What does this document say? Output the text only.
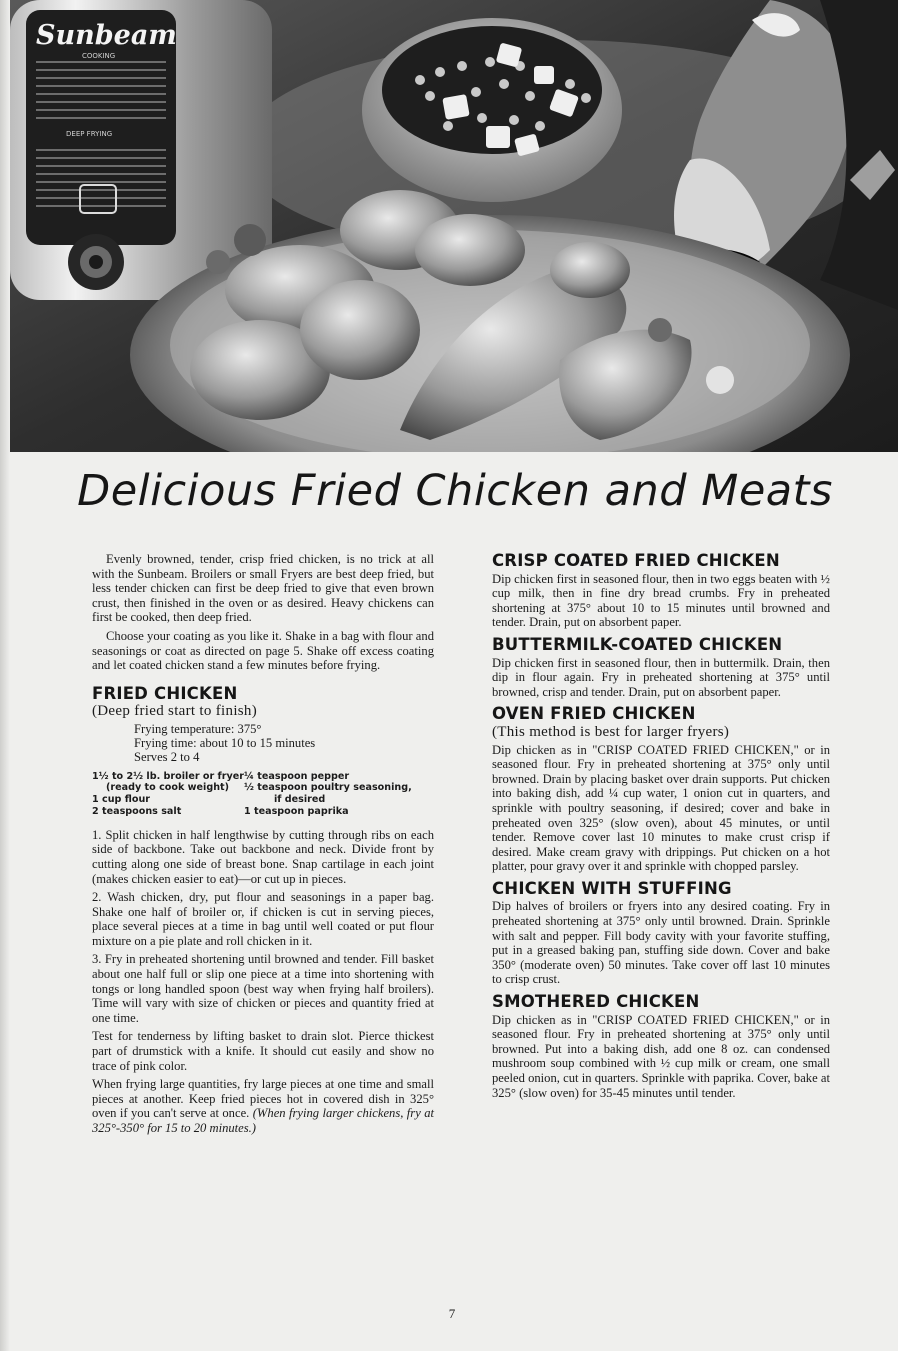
Sunbeam
COOKING
DEEP FRYING
Delicious Fried Chicken and Meats

Evenly browned, tender, crisp fried chicken, is no trick at all with the Sunbeam. Broilers or small Fryers are best deep fried, but less tender chicken can first be deep fried to give that even brown crust, then finished in the oven or as desired. Heavy chickens can first be cooked, then deep fried.

Choose your coating as you like it. Shake in a bag with flour and seasonings or coat as directed on page 5. Shake off excess coating and let coated chicken stand a few minutes before frying.

FRIED CHICKEN
(Deep fried start to finish)
Frying temperature: 375°
Frying time: about 10 to 15 minutes
Serves 2 to 4
1½ to 2½ lb. broiler or fryer ¼ teaspoon pepper
(ready to cook weight)	½ teaspoon poultry seasoning,
1 cup flour	if desired
2 teaspoons salt	1 teaspoon paprika

1. Split chicken in half lengthwise by cutting through ribs on each side of backbone. Take out backbone and neck. Divide front by cutting along one side of breast bone. Snap cartilage in each joint (makes chicken easier to eat)—or cut up in pieces.

2. Wash chicken, dry, put flour and seasonings in a paper bag. Shake one half of broiler or, if chicken is cut in serving pieces, place several pieces at a time in bag until well coated or put flour mixture on a pie plate and roll chicken in it.

3. Fry in preheated shortening until browned and tender. Fill basket about one half full or slip one piece at a time into shortening with tongs or long handled spoon (best way when frying half broilers). Time will vary with size of chicken or pieces and quantity fried at one time.

Test for tenderness by lifting basket to drain slot. Pierce thickest part of drumstick with a knife. It should cut easily and show no trace of pink color.

When frying large quantities, fry large pieces at one time and small pieces at another. Keep fried pieces hot in covered dish in 325° oven if you can't serve at once. (When frying larger chickens, fry at 325°-350° for 15 to 20 minutes.)

CRISP COATED FRIED CHICKEN

Dip chicken first in seasoned flour, then in two eggs beaten with ½ cup milk, then in fine dry bread crumbs. Fry in preheated shortening at 375° about 10 to 15 minutes until browned and tender. Drain, put on absorbent paper.

BUTTERMILK-COATED CHICKEN

Dip chicken first in seasoned flour, then in buttermilk. Drain, then dip in flour again. Fry in preheated shortening at 375° until browned, crisp and tender. Drain, put on absorbent paper.

OVEN FRIED CHICKEN
(This method is best for larger fryers)

Dip chicken as in "CRISP COATED FRIED CHICKEN," or in seasoned flour. Fry in preheated shortening at 375° only until browned. Drain by placing basket over drain supports. Put chicken into baking dish, add ¼ cup water, 1 onion cut in quarters, and sprinkle with poultry seasoning, if desired; cover and bake in preheated oven 325° (slow oven), about 45 minutes, or until tender. Remove cover last 10 minutes to make crust crisp if desired. Make cream gravy with drippings. Put chicken on a hot platter, pour gravy over it and sprinkle with chopped parsley.

CHICKEN WITH STUFFING

Dip halves of broilers or fryers into any desired coating. Fry in preheated shortening at 375° only until browned. Drain. Sprinkle with salt and pepper. Fill body cavity with your favorite stuffing, put in a greased baking pan, stuffing side down. Cover and bake 350° (moderate oven) 50 minutes. Take cover off last 10 minutes to crisp crust.

SMOTHERED CHICKEN

Dip chicken as in "CRISP COATED FRIED CHICKEN," or in seasoned flour. Fry in preheated shortening at 375° only until browned. Put into a baking dish, add one 8 oz. can condensed mushroom soup combined with ½ cup milk or cream, one small peeled onion, cut in quarters. Sprinkle with paprika. Cover, bake at 325° (slow oven) for 35-45 minutes until tender.

7
